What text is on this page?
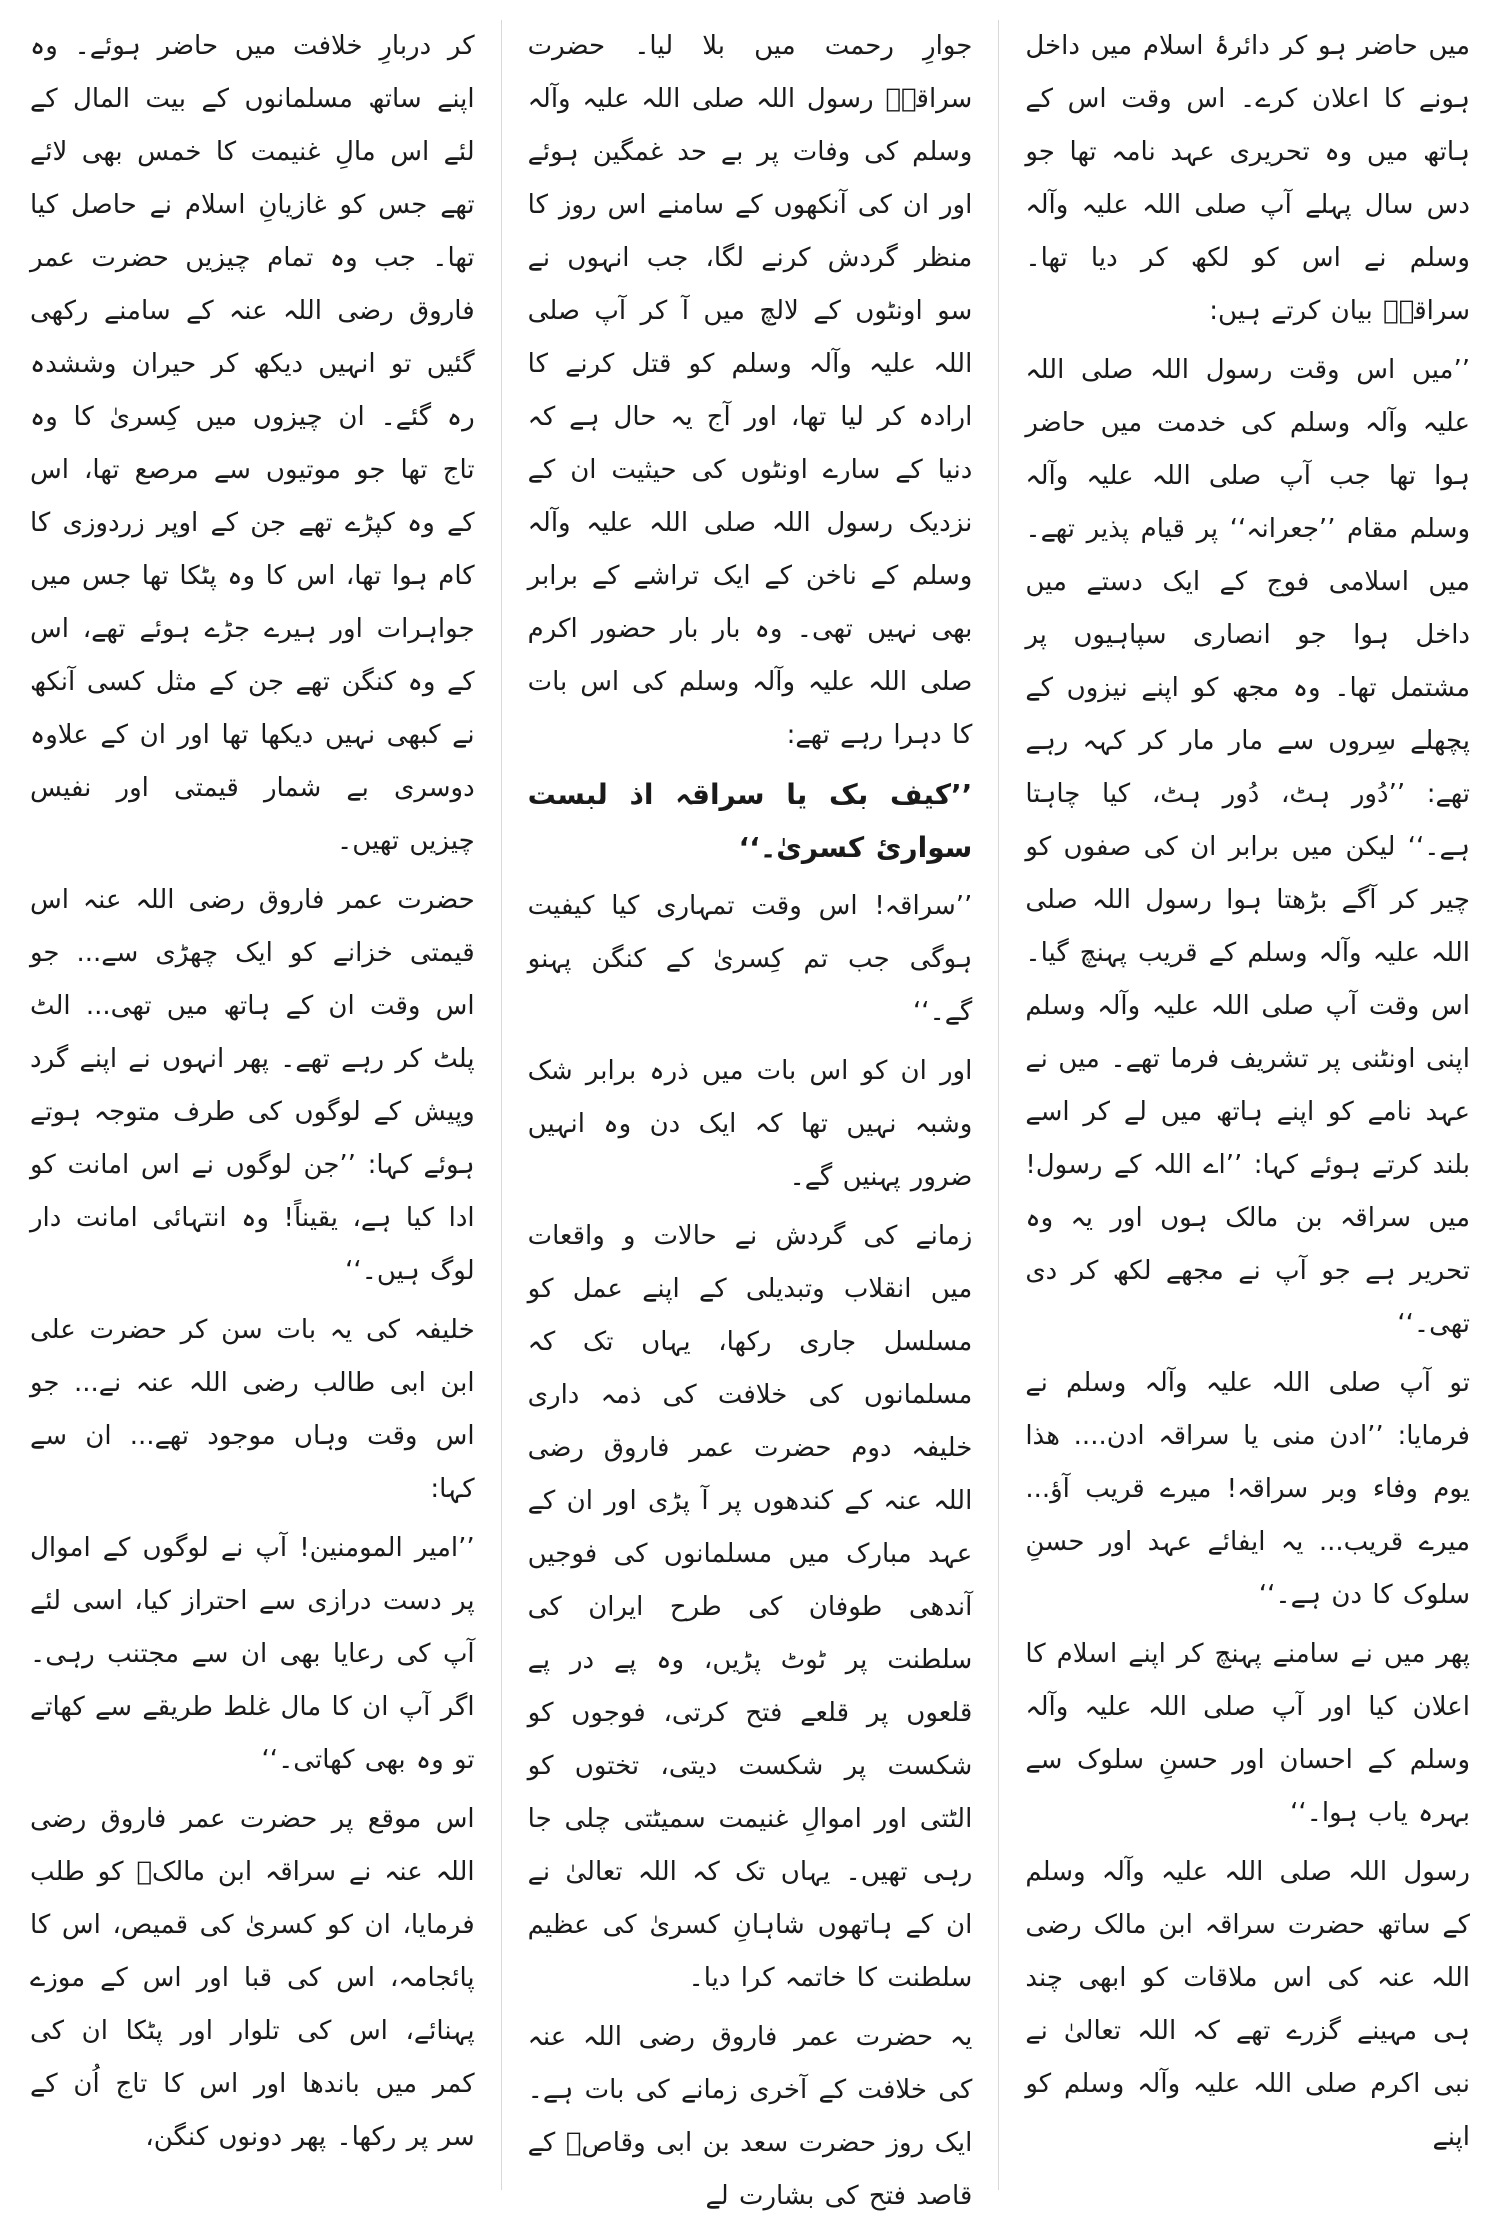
میں حاضر ہو کر دائرۂ اسلام میں داخل ہونے کا اعلان کرے۔ اس وقت اس کے ہاتھ میں وہ تحریری عہد نامہ تھا جو دس سال پہلے آپ صلی اللہ علیہ وآلہ وسلم نے اس کو لکھ کر دیا تھا۔ سراقہؓ بیان کرتے ہیں:

’’میں اس وقت رسول اللہ صلی اللہ علیہ وآلہ وسلم کی خدمت میں حاضر ہوا تھا جب آپ صلی اللہ علیہ وآلہ وسلم مقام ’’جعرانہ‘‘ پر قیام پذیر تھے۔ میں اسلامی فوج کے ایک دستے میں داخل ہوا جو انصاری سپاہیوں پر مشتمل تھا۔ وہ مجھ کو اپنے نیزوں کے پچھلے سِروں سے مار مار کر کہہ رہے تھے: ’’دُور ہٹ، دُور ہٹ، کیا چاہتا ہے۔‘‘ لیکن میں برابر ان کی صفوں کو چیر کر آگے بڑھتا ہوا رسول اللہ صلی اللہ علیہ وآلہ وسلم کے قریب پہنچ گیا۔ اس وقت آپ صلی اللہ علیہ وآلہ وسلم اپنی اونٹنی پر تشریف فرما تھے۔ میں نے عہد نامے کو اپنے ہاتھ میں لے کر اسے بلند کرتے ہوئے کہا: ’’اے اللہ کے رسول! میں سراقہ بن مالک ہوں اور یہ وہ تحریر ہے جو آپ نے مجھے لکھ کر دی تھی۔‘‘

تو آپ صلی اللہ علیہ وآلہ وسلم نے فرمایا: ’’ادن منی یا سراقہ ادن.... ھذا یوم وفاء وبر سراقہ! میرے قریب آؤ... میرے قریب... یہ ایفائے عہد اور حسنِ سلوک کا دن ہے۔‘‘

پھر میں نے سامنے پہنچ کر اپنے اسلام کا اعلان کیا اور آپ صلی اللہ علیہ وآلہ وسلم کے احسان اور حسنِ سلوک سے بہرہ یاب ہوا۔‘‘

رسول اللہ صلی اللہ علیہ وآلہ وسلم کے ساتھ حضرت سراقہ ابن مالک رضی اللہ عنہ کی اس ملاقات کو ابھی چند ہی مہینے گزرے تھے کہ اللہ تعالیٰ نے نبی اکرم صلی اللہ علیہ وآلہ وسلم کو اپنے

جوارِ رحمت میں بلا لیا۔ حضرت سراقہؓ رسول اللہ صلی اللہ علیہ وآلہ وسلم کی وفات پر بے حد غمگین ہوئے اور ان کی آنکھوں کے سامنے اس روز کا منظر گردش کرنے لگا، جب انہوں نے سو اونٹوں کے لالچ میں آ کر آپ صلی اللہ علیہ وآلہ وسلم کو قتل کرنے کا ارادہ کر لیا تھا، اور آج یہ حال ہے کہ دنیا کے سارے اونٹوں کی حیثیت ان کے نزدیک رسول اللہ صلی اللہ علیہ وآلہ وسلم کے ناخن کے ایک تراشے کے برابر بھی نہیں تھی۔ وہ بار بار حضور اکرم صلی اللہ علیہ وآلہ وسلم کی اس بات کا دہرا رہے تھے:

’’کیف بک یا سراقہ اذ لبست سوارئ کسریٰ۔‘‘

’’سراقہ! اس وقت تمہاری کیا کیفیت ہوگی جب تم کِسریٰ کے کنگن پہنو گے۔‘‘

اور ان کو اس بات میں ذرہ برابر شک وشبہ نہیں تھا کہ ایک دن وہ انہیں ضرور پہنیں گے۔

زمانے کی گردش نے حالات و واقعات میں انقلاب وتبدیلی کے اپنے عمل کو مسلسل جاری رکھا، یہاں تک کہ مسلمانوں کی خلافت کی ذمہ داری خلیفہ دوم حضرت عمر فاروق رضی اللہ عنہ کے کندھوں پر آ پڑی اور ان کے عہد مبارک میں مسلمانوں کی فوجیں آندھی طوفان کی طرح ایران کی سلطنت پر ٹوٹ پڑیں، وہ پے در پے قلعوں پر قلعے فتح کرتی، فوجوں کو شکست پر شکست دیتی، تختوں کو الٹتی اور اموالِ غنیمت سمیٹتی چلی جا رہی تھیں۔ یہاں تک کہ اللہ تعالیٰ نے ان کے ہاتھوں شاہانِ کسریٰ کی عظیم سلطنت کا خاتمہ کرا دیا۔

یہ حضرت عمر فاروق رضی اللہ عنہ کی خلافت کے آخری زمانے کی بات ہے۔ ایک روز حضرت سعد بن ابی وقاصؓ کے قاصد فتح کی بشارت لے

کر دربارِ خلافت میں حاضر ہوئے۔ وہ اپنے ساتھ مسلمانوں کے بیت المال کے لئے اس مالِ غنیمت کا خمس بھی لائے تھے جس کو غازیانِ اسلام نے حاصل کیا تھا۔ جب وہ تمام چیزیں حضرت عمر فاروق رضی اللہ عنہ کے سامنے رکھی گئیں تو انہیں دیکھ کر حیران وششدہ رہ گئے۔ ان چیزوں میں کِسریٰ کا وہ تاج تھا جو موتیوں سے مرصع تھا، اس کے وہ کپڑے تھے جن کے اوپر زردوزی کا کام ہوا تھا، اس کا وہ پٹکا تھا جس میں جواہرات اور ہیرے جڑے ہوئے تھے، اس کے وہ کنگن تھے جن کے مثل کسی آنکھ نے کبھی نہیں دیکھا تھا اور ان کے علاوہ دوسری بے شمار قیمتی اور نفیس چیزیں تھیں۔

حضرت عمر فاروق رضی اللہ عنہ اس قیمتی خزانے کو ایک چھڑی سے... جو اس وقت ان کے ہاتھ میں تھی... الٹ پلٹ کر رہے تھے۔ پھر انہوں نے اپنے گرد وپیش کے لوگوں کی طرف متوجہ ہوتے ہوئے کہا: ’’جن لوگوں نے اس امانت کو ادا کیا ہے، یقیناً! وہ انتہائی امانت دار لوگ ہیں۔‘‘

خلیفہ کی یہ بات سن کر حضرت علی ابن ابی طالب رضی اللہ عنہ نے... جو اس وقت وہاں موجود تھے... ان سے کہا:

’’امیر المومنین! آپ نے لوگوں کے اموال پر دست درازی سے احتراز کیا، اسی لئے آپ کی رعایا بھی ان سے مجتنب رہی۔ اگر آپ ان کا مال غلط طریقے سے کھاتے تو وہ بھی کھاتی۔‘‘

اس موقع پر حضرت عمر فاروق رضی اللہ عنہ نے سراقہ ابن مالکؓ کو طلب فرمایا، ان کو کسریٰ کی قمیص، اس کا پائجامہ، اس کی قبا اور اس کے موزے پہنائے، اس کی تلوار اور پٹکا ان کی کمر میں باندھا اور اس کا تاج اُن کے سر پر رکھا۔ پھر دونوں کنگن،
